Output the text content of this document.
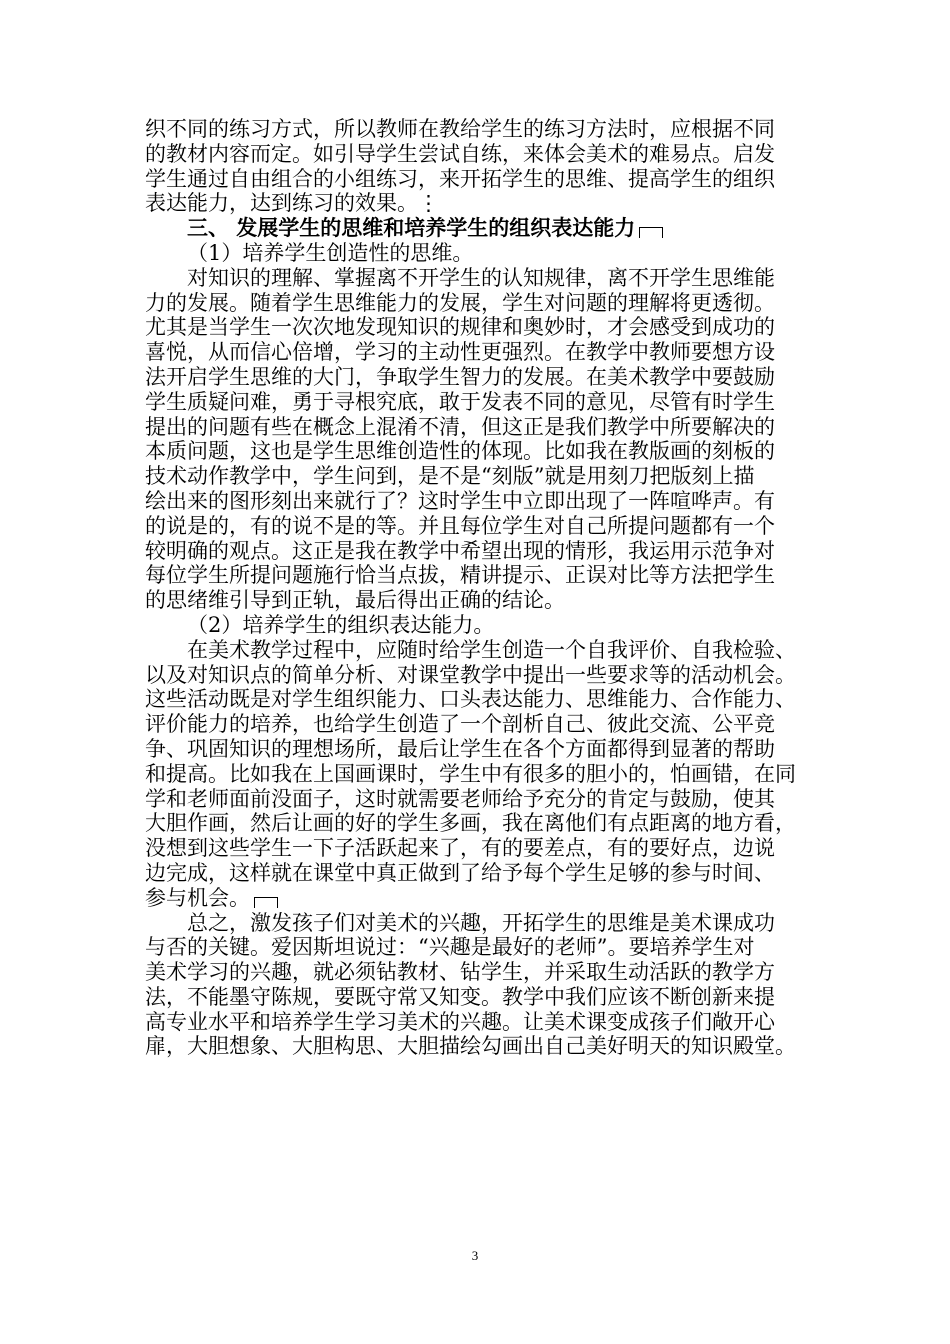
织不同的练习方式，所以教师在教给学生的练习方法时，应根据不同
的教材内容而定。如引导学生尝试自练，来体会美术的难易点。启发
学生通过自由组合的小组练习，来开拓学生的思维、提高学生的组织
表达能力，达到练习的效果。⋮
三、 发展学生的思维和培养学生的组织表达能力
（1）培养学生创造性的思维。
对知识的理解、掌握离不开学生的认知规律，离不开学生思维能
力的发展。随着学生思维能力的发展，学生对问题的理解将更透彻。
尤其是当学生一次次地发现知识的规律和奥妙时，才会感受到成功的
喜悦，从而信心倍增，学习的主动性更强烈。在教学中教师要想方设
法开启学生思维的大门，争取学生智力的发展。在美术教学中要鼓励
学生质疑问难，勇于寻根究底，敢于发表不同的意见，尽管有时学生
提出的问题有些在概念上混淆不清，但这正是我们教学中所要解决的
本质问题，这也是学生思维创造性的体现。比如我在教版画的刻板的
技术动作教学中，学生问到，是不是“刻版”就是用刻刀把版刻上描
绘出来的图形刻出来就行了？这时学生中立即出现了一阵喧哗声。有
的说是的，有的说不是的等。并且每位学生对自己所提问题都有一个
较明确的观点。这正是我在教学中希望出现的情形，我运用示范争对
每位学生所提问题施行恰当点拔，精讲提示、正误对比等方法把学生
的思绪维引导到正轨，最后得出正确的结论。
（2）培养学生的组织表达能力。
在美术教学过程中，应随时给学生创造一个自我评价、自我检验、
以及对知识点的简单分析、对课堂教学中提出一些要求等的活动机会。
这些活动既是对学生组织能力、口头表达能力、思维能力、合作能力、
评价能力的培养，也给学生创造了一个剖析自己、彼此交流、公平竞
争、巩固知识的理想场所，最后让学生在各个方面都得到显著的帮助
和提高。比如我在上国画课时，学生中有很多的胆小的，怕画错，在同
学和老师面前没面子，这时就需要老师给予充分的肯定与鼓励，使其
大胆作画，然后让画的好的学生多画，我在离他们有点距离的地方看，
没想到这些学生一下子活跃起来了，有的要差点，有的要好点，边说
边完成，这样就在课堂中真正做到了给予每个学生足够的参与时间、
参与机会。
总之，激发孩子们对美术的兴趣，开拓学生的思维是美术课成功
与否的关键。爱因斯坦说过：“兴趣是最好的老师”。要培养学生对
美术学习的兴趣，就必须钻教材、钻学生，并采取生动活跃的教学方
法，不能墨守陈规，要既守常又知变。教学中我们应该不断创新来提
高专业水平和培养学生学习美术的兴趣。让美术课变成孩子们敞开心
扉，大胆想象、大胆构思、大胆描绘勾画出自己美好明天的知识殿堂。
3
